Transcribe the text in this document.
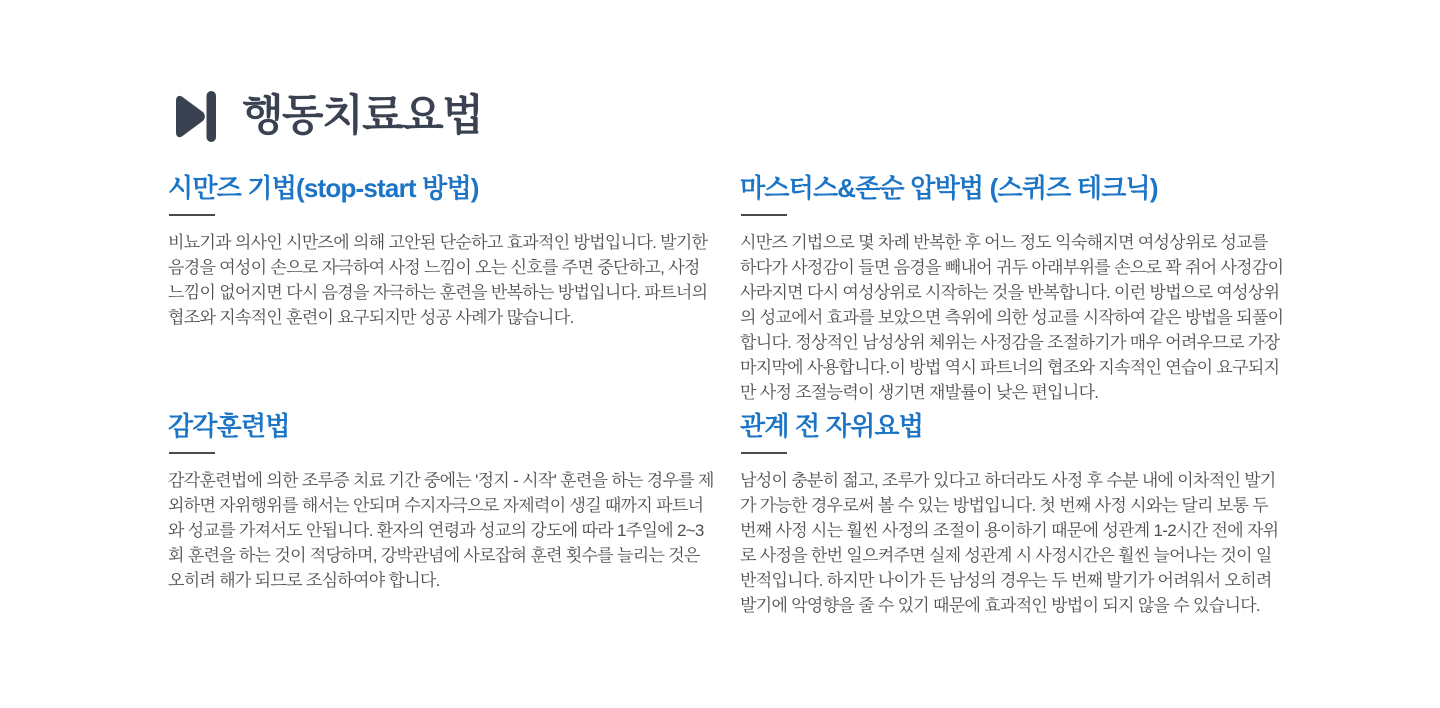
행동치료요법
시만즈 기법(stop-start 방법)

비뇨기과 의사인 시만즈에 의해 고안된 단순하고 효과적인 방법입니다. 발기한 음경을 여성이 손으로 자극하여 사정 느낌이 오는 신호를 주면 중단하고, 사정 느낌이 없어지면 다시 음경을 자극하는 훈련을 반복하는 방법입니다. 파트너의 협조와 지속적인 훈련이 요구되지만 성공 사례가 많습니다.

마스터스&존순 압박법 (스퀴즈 테크닉)

시만즈 기법으로 몇 차례 반복한 후 어느 정도 익숙해지면 여성상위로 성교를 하다가 사정감이 들면 음경을 빼내어 귀두 아래부위를 손으로 꽉 쥐어 사정감이 사라지면 다시 여성상위로 시작하는 것을 반복합니다. 이런 방법으로 여성상위의 성교에서 효과를 보았으면 측위에 의한 성교를 시작하여 같은 방법을 되풀이 합니다. 정상적인 남성상위 체위는 사정감을 조절하기가 매우 어려우므로 가장 마지막에 사용합니다.이 방법 역시 파트너의 협조와 지속적인 연습이 요구되지만 사정 조절능력이 생기면 재발률이 낮은 편입니다.

감각훈련법

감각훈련법에 의한 조루증 치료 기간 중에는 '정지 - 시작' 훈련을 하는 경우를 제외하면 자위행위를 해서는 안되며 수지자극으로 자제력이 생길 때까지 파트너와 성교를 가져서도 안됩니다. 환자의 연령과 성교의 강도에 따라 1주일에 2~3회 훈련을 하는 것이 적당하며, 강박관념에 사로잡혀 훈련 횟수를 늘리는 것은 오히려 해가 되므로 조심하여야 합니다.

관계 전 자위요법

남성이 충분히 젊고, 조루가 있다고 하더라도 사정 후 수분 내에 이차적인 발기가 가능한 경우로써 볼 수 있는 방법입니다. 첫 번째 사정 시와는 달리 보통 두 번째 사정 시는 훨씬 사정의 조절이 용이하기 때문에 성관계 1-2시간 전에 자위로 사정을 한번 일으켜주면 실제 성관계 시 사정시간은 훨씬 늘어나는 것이 일반적입니다. 하지만 나이가 든 남성의 경우는 두 번째 발기가 어려워서 오히려 발기에 악영향을 줄 수 있기 때문에 효과적인 방법이 되지 않을 수 있습니다.
